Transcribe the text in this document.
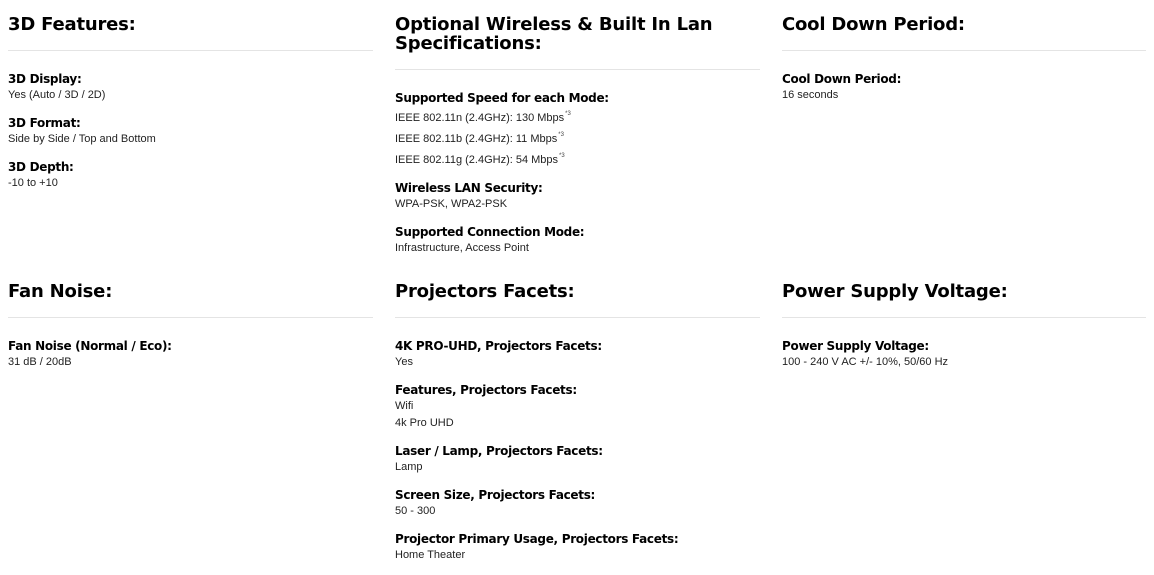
3D Features:
3D Display:
Yes (Auto / 3D / 2D)
3D Format:
Side by Side / Top and Bottom
3D Depth:
-10 to +10
Fan Noise:
Fan Noise (Normal / Eco):
31 dB / 20dB
Optional Wireless & Built In Lan Specifications:
Supported Speed for each Mode:
IEEE 802.11n (2.4GHz): 130 Mbps$^{*3}$
IEEE 802.11b (2.4GHz): 11 Mbps$^{*3}$
IEEE 802.11g (2.4GHz): 54 Mbps$^{*3}$
Wireless LAN Security:
WPA-PSK, WPA2-PSK
Supported Connection Mode:
Infrastructure, Access Point
Projectors Facets:
4K PRO-UHD, Projectors Facets:
Yes
Features, Projectors Facets:
Wifi
4k Pro UHD
Laser / Lamp, Projectors Facets:
Lamp
Screen Size, Projectors Facets:
50 - 300
Projector Primary Usage, Projectors Facets:
Home Theater
Cool Down Period:
Cool Down Period:
16 seconds
Power Supply Voltage:
Power Supply Voltage:
100 - 240 V AC +/- 10%, 50/60 Hz
